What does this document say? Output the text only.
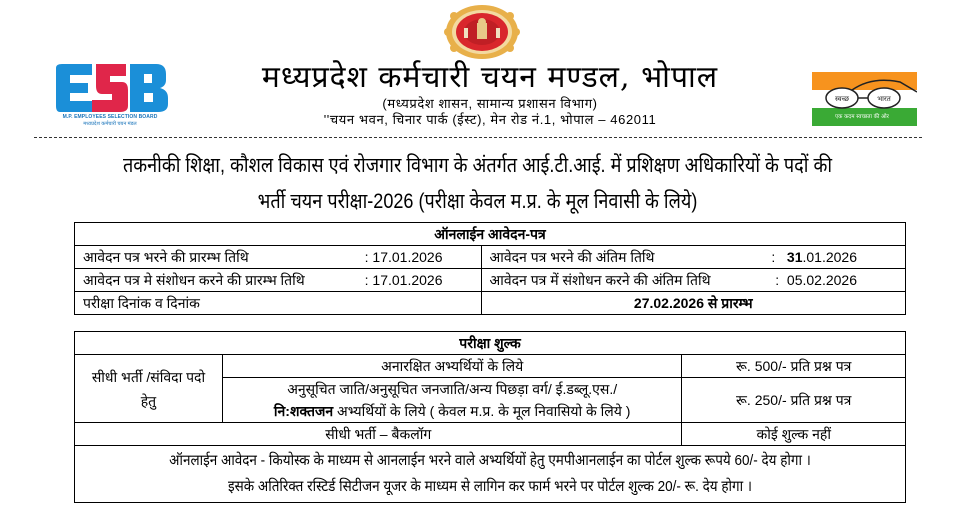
M.P. EMPLOYEES SELECTION BOARD
मध्यप्रदेश कर्मचारी चयन मंडल
मध्यप्रदेश कर्मचारी चयन मण्डल, भोपाल
(मध्यप्रदेश शासन, सामान्य प्रशासन विभाग)
''चयन भवन, चिनार पार्क (ईस्ट), मेन रोड नं.1, भोपाल – 462011
स्वच्छ	भारत
एक कदम स्वच्छता की ओर
तकनीकी शिक्षा, कौशल विकास एवं रोजगार विभाग के अंतर्गत आई.टी.आई. में प्रशिक्षण अधिकारियों के पदों की
भर्ती चयन परीक्षा-2026 (परीक्षा केवल म.प्र. के मूल निवासी के लिये)
ऑनलाईन आवेदन-पत्र	
आवेदन पत्र भरने की प्रारम्भ तिथि : 17.01.2026	आवेदन पत्र भरने की अंतिम तिथि : 31.01.2026

आवेदन पत्र मे संशोधन करने की प्रारम्भ तिथि : 17.01.2026	आवेदन पत्र में संशोधन करने की अंतिम तिथि : 05.02.2026

परीक्षा दिनांक व दिनांक	27.02.2026 से प्रारम्भ
परीक्षा शुल्क		

सीधी भर्ती /संविदा पदो
हेतु	अनारक्षित अभ्यर्थियों के लिये	रू. 500/- प्रति प्रश्न पत्र

	अनुसूचित जाति/अनुसूचित जनजाति/अन्य पिछड़ा वर्ग/ ई.डब्लू.एस./
नि:शक्तजन अभ्यर्थियों के लिये ( केवल म.प्र. के मूल निवासियो के लिये )	रू. 250/- प्रति प्रश्न पत्र
सीधी भर्ती – बैकलॉग		कोई शुल्क नहीं

ऑनलाईन आवेदन - कियोस्क के माध्यम से आनलाईन भरने वाले अभ्यर्थियों हेतु एमपीआनलाईन का पोर्टल शुल्क रूपये 60/- देय होगा ।
इसके अतिरिक्त रस्टिर्ड सिटीजन यूजर के माध्यम से लागिन कर फार्म भरने पर पोर्टल शुल्क 20/- रू. देय होगा ।		
